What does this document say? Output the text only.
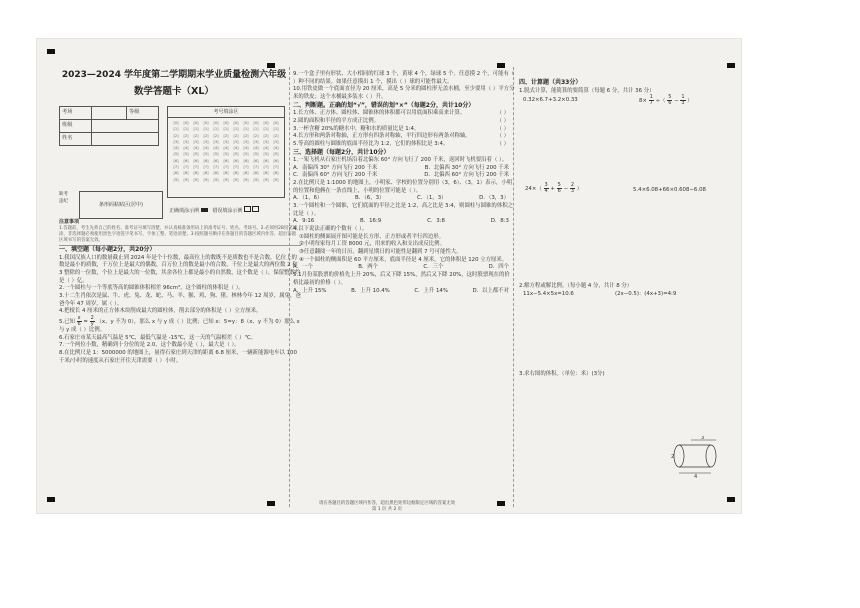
2023—2024 学年度第二学期期末学业质量检测六年级
数学答题卡（XL）
考场		等级
班级		
姓名		
考号填涂区
[0]	[0]	[0]	[0]	[0]	[0]	[0]	[0]	[0]	[0]	[0]
[1]	[1]	[1]	[1]	[1]	[1]	[1]	[1]	[1]	[1]	[1]
[2]	[2]	[2]	[2]	[2]	[2]	[2]	[2]	[2]	[2]	[2]
[3]	[3]	[3]	[3]	[3]	[3]	[3]	[3]	[3]	[3]	[3]
[4]	[4]	[4]	[4]	[4]	[4]	[4]	[4]	[4]	[4]	[4]
[5]	[5]	[5]	[5]	[5]	[5]	[5]	[5]	[5]	[5]	[5]
[6]	[6]	[6]	[6]	[6]	[6]	[6]	[6]	[6]	[6]	[6]
[7]	[7]	[7]	[7]	[7]	[7]	[7]	[7]	[7]	[7]	[7]
[8]	[8]	[8]	[8]	[8]	[8]	[8]	[8]	[8]	[8]	[8]
[9]	[9]	[9]	[9]	[9]	[9]	[9]	[9]	[9]	[9]	[9]
缺考
违纪
条形码粘贴区(居中)
正确填涂示例	错误填涂示例
注意事项
1.答题前，考生先将自己的姓名、准考证号填写清楚，并认真核准条形码上的准考证号、姓名、考场号。2.必须用2B铅笔填涂，非选择题必须使用黑色字迹签字笔书写，字体工整、笔迹清楚。3.按照题号顺序在各题目的答题区域内作答，超出答题区域书写的答案无效。

一、填空题（每小题2分，共20分）

1.我国汉族人口的数量截止到 2024 年是个十位数，最高位上的数既不是质数也不是合数，亿位上的数是最小的质数，千万位上是最大的偶数，百万位上的数是最小的合数，千位上是最大的两位数 2 和 3 整除的一位数，个位上是最大的一位数，其余各位上都是最小的自然数，这个数是（ ），保留整数约是（ ）亿。

2.一个圆柱与一个等底等高的圆锥体积相差 96cm³，这个圆柱的体积是（ ）。

3.十二生肖依次是鼠、牛、虎、兔、龙、蛇、马、羊、猴、鸡、狗、猪。林林今年 12 周岁，属兔，爸爸今年 47 周岁，属（ ）。

4.把棱长 4 厘米的正方体木块削成最大的圆柱体，削去部分的体积是（ ）立方厘米。

5.已知 $\frac{x}{6} = \frac{2}{y} (x$、y 不为 0），那么 x 与 y 成（ ）比例；已知 x：5=y：8（x、y 不为 0）那么 x 与 y 成（ ）比例。

6.石家庄市某天最高气温是 5℃，最低气温是 -15℃，这一天的气温相差（ ）℃。

7.一个两位小数，精确到十分位的是 2.0，这个数最小是（ ），最大是（ ）。

8.在比例尺是 1：5000000 的地图上，量得石家庄到天津的距离 6.8 厘米，一辆新能源电车以 100 千米/小时的速度从石家庄开往天津需要（ ）小时。

9.一个盒子里有形状、大小相同的红球 3 个，黄球 4 个，绿球 5 个。任意摸 2 个，可能有（ ）种不同的结果。如果任意摸出 1 个，摸出（ ）球的可能性最大。

10.用铁皮做一个底面直径为 20 厘米，高是 5 分米的圆柱形无盖水桶，至少要用（ ）平方分米的铁皮；这个水桶最多装水（ ）升。

二、判断题。正确的划“√”，错误的划“×”（每题2分，共计10分）

1.长方体、正方体、圆柱体、圆锥体的体积都可以用底面积乘高来计算。	（ ）

2.圆的面积和半径的平方成正比例。	（ ）

3.一杯含糖 20%的糖水中，糖和水的质量比是 1:4。	（ ）

4.长方形和两条对称轴，正方形有四条对称轴，平行四边形有两条对称轴。	（ ）

5.等高的圆柱与圆锥的底面半径比为 1:2，它们的体积比是 3:4。	（ ）

三、选择题（每题2分，共计10分）

1.一架飞机从石家庄机场沿着北偏东 60° 方向飞行了 200 千米，返回时飞机要沿着（ ）。

A．南偏西 30° 方向飞行 200 千米	B．北偏西 30° 方向飞行 200 千米

C．南偏西 60° 方向飞行 200 千米	D．北偏西 60° 方向飞行 200 千米

2.在比例尺是 1:1000 的地图上，小明家、学校的位置分别用（3，6）、（3，1）表示，小明的位置和他俩在一条直线上，小明的位置可能是（ ）。

A．（1，6）	B．（6，3）	C．（1，3）	D．（3，3）

3.一个圆柱和一个圆锥，它们底面的半径之比是 1:2，高之比是 3:4，则圆柱与圆锥的体积之比是（ ）。

A．9:16	B．16:9	C．3:8	D．8:3

4.以下说法正确的个数有（ ）。

①圆柱的侧面展开图可能是长方形、正方形或者平行四边形。

②小明每家每月工资 8000 元，用来的收入和支出成反比例。

③任意翻阅一年的日历，翻到星期日的可能性是翻到 7 号可能性大。

④一个圆柱的侧面积是 60 平方厘米，底面半径是 4 厘米，它的体积是 120 立方厘米。

A．一个	B．两个	C．三个	D．四个

5.1月份某股票的价格先上升 20%，后又下降 15%，然后又下降 20%，这时股票现在的价格比最初的价格（ ）。

A．上升 15%	B．上升 10.4%	C．上升 14%	D．以上都不对

四、计算题（共33分）

1.脱式计算，能简算的要简算（每题 6 分，共计 36 分）

0.32×6.7+3.2×0.33	$8\times \frac{1}{7}$ ÷（ $\frac{5}{6} - \frac{1}{3}$ ）
$24\times( \frac{3}{4} + \frac{5}{6} - \frac{2}{3}$ ）	5.4×6.08+66×0.608−6.08

2.解方程或解比例。（每小题 4 分，共计 8 分）

11x−5.4×5x=10.6	(2x−0.5)：(4x+3)=4:9

3.求右图的体积。（单位：米）(3分)

3
2
4
请在各题目的答题区域内作答，超出黑色矩形边框限定区域的答案无效
第 1 页 共 2 页
